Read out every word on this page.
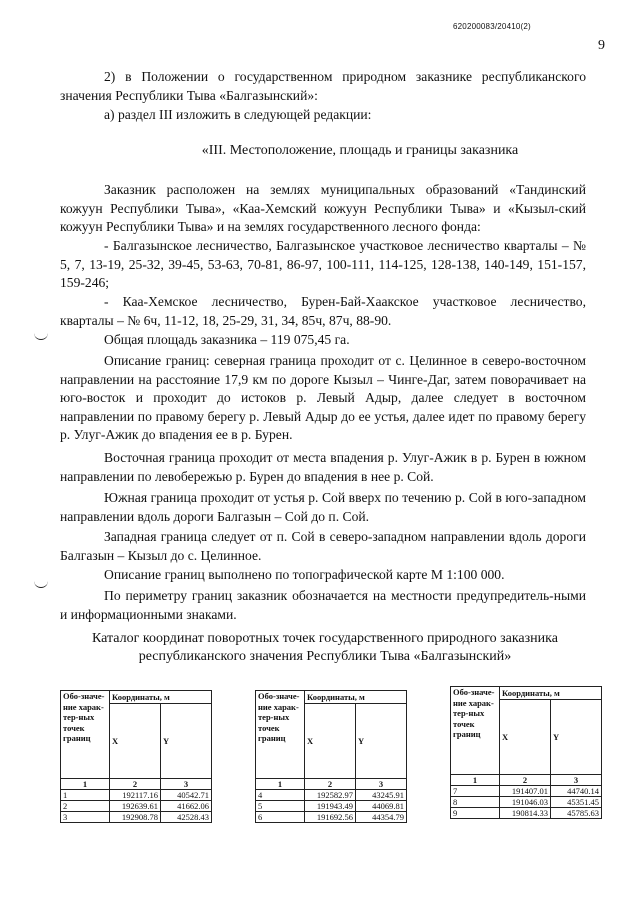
620200083/20410(2)
9

2) в Положении о государственном природном заказнике республиканского значения Республики Тыва «Балгазынский»:

а) раздел III изложить в следующей редакции:

«III. Местоположение, площадь и границы заказника

Заказник расположен на землях муниципальных образований «Тандинский кожуун Республики Тыва», «Каа-Хемский кожуун Республики Тыва» и «Кызыл-ский кожуун Республики Тыва» и на землях государственного лесного фонда:

- Балгазынское лесничество, Балгазынское участковое лесничество кварталы – № 5, 7, 13-19, 25-32, 39-45, 53-63, 70-81, 86-97, 100-111, 114-125, 128-138, 140-149, 151-157, 159-246;

- Каа-Хемское лесничество, Бурен-Бай-Хаакское участковое лесничество, кварталы – № 6ч, 11-12, 18, 25-29, 31, 34, 85ч, 87ч, 88-90.

Общая площадь заказника – 119 075,45 га.

Описание границ: северная граница проходит от с. Целинное в северо-восточном направлении на расстояние 17,9 км по дороге Кызыл – Чинге-Даг, затем поворачивает на юго-восток и проходит до истоков р. Левый Адыр, далее следует в восточном направлении по правому берегу р. Левый Адыр до ее устья, далее идет по правому берегу р. Улуг-Ажик до впадения ее в р. Бурен.

Восточная граница проходит от места впадения р. Улуг-Ажик в р. Бурен в южном направлении по левобережью р. Бурен до впадения в нее р. Сой.

Южная граница проходит от устья р. Сой вверх по течению р. Сой в юго-западном направлении вдоль дороги Балгазын – Сой до п. Сой.

Западная граница следует от п. Сой в северо-западном направлении вдоль дороги Балгазын – Кызыл до с. Целинное.

Описание границ выполнено по топографической карте М 1:100 000.

По периметру границ заказник обозначается на местности предупредитель-ными и информационными знаками.

Каталог координат поворотных точек государственного природного заказника республиканского значения Республики Тыва «Балгазынский»
Обо-значе-ние харак-тер-ных точек границ	Координаты, м	
	X	Y
1	2	3
1	192117.16	40542.71
2	192639.61	41662.06
3	192908.78	42528.43
Обо-значе-ние харак-тер-ных точек границ	Координаты, м	
	X	Y
1	2	3
4	192582.97	43245.91
5	191943.49	44069.81
6	191692.56	44354.79
Обо-значе-ние харак-тер-ных точек границ	Координаты, м	
	X	Y
1	2	3
7	191407.01	44740.14
8	191046.03	45351.45
9	190814.33	45785.63
